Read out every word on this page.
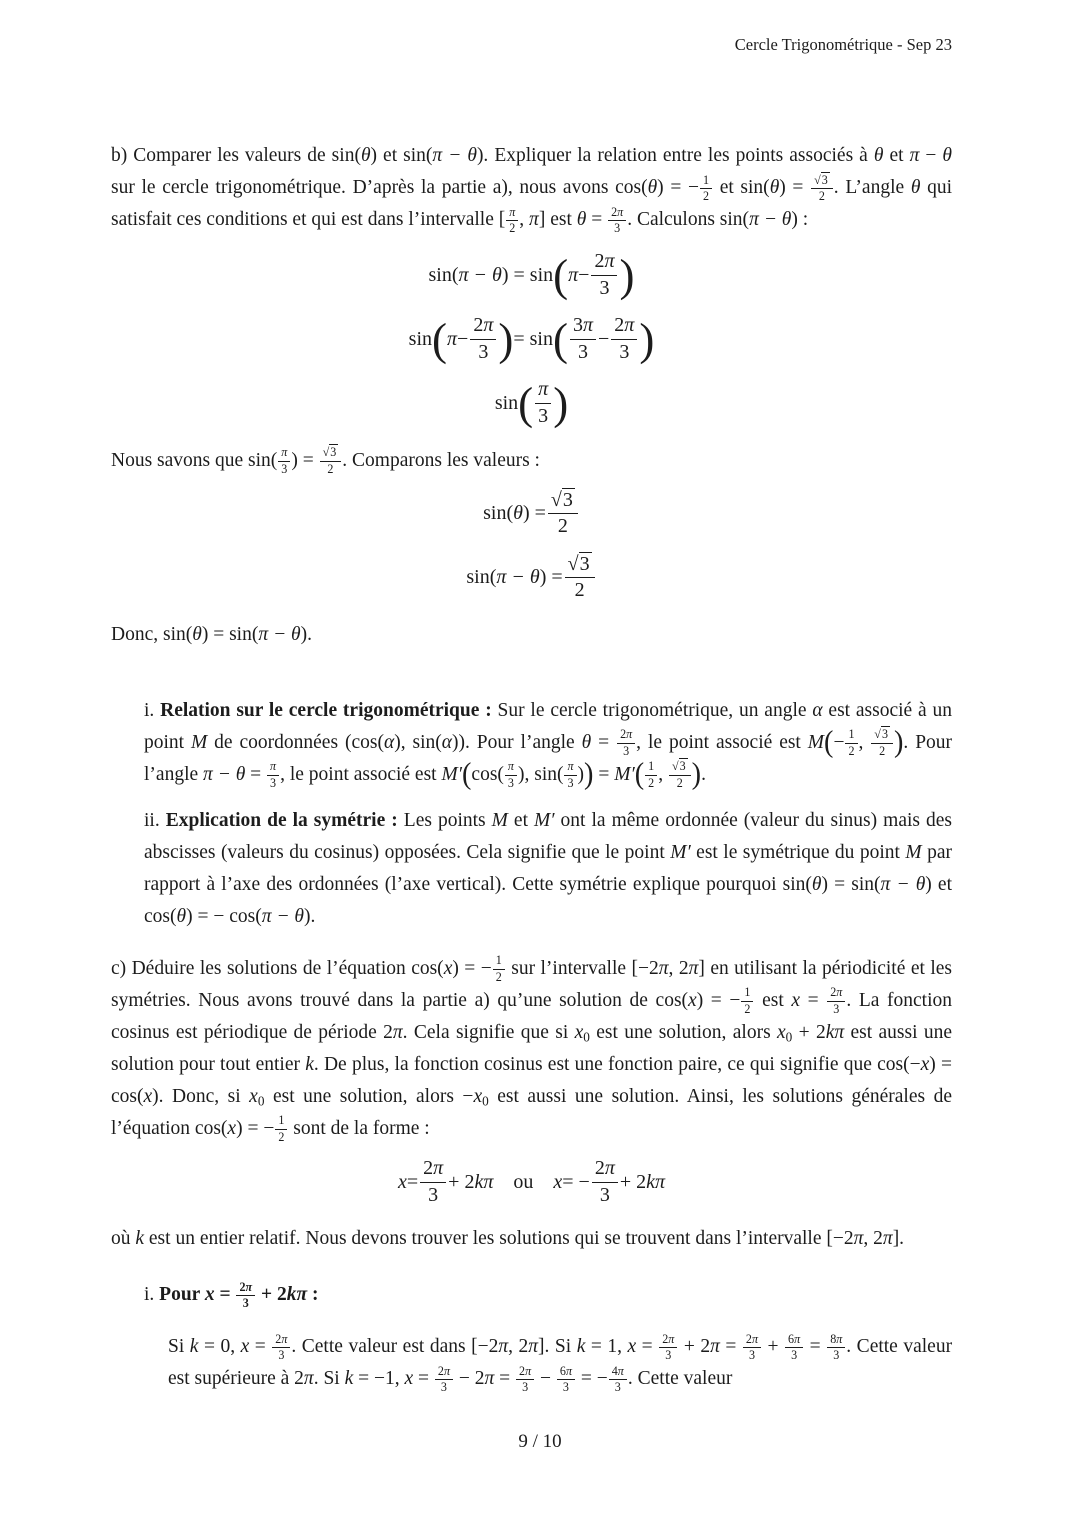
Cercle Trigonométrique - Sep 23

b) Comparer les valeurs de sin(θ) et sin(π − θ). Expliquer la relation entre les points associés à θ et π − θ sur le cercle trigonométrique. D’après la partie a), nous avons cos(θ) = − $\frac{1}{2}$ et $\sin(\theta) = \frac{√3}{2}$ . L’angle θ qui satisfait ces conditions et qui est dans l’intervalle [ $\frac{\pi}{2}$ , π] est $\theta = \frac{2\pi}{3}$ . Calculons sin(π − θ) :

sin( π − θ ) = sin ( $\pi - \frac{2\pi}{3}$ )
sin ( $\pi - \frac{2\pi}{3}$ ) = sin ( $\frac{3\pi}{3} - \frac{2\pi}{3}$ )
sin ( $\frac{\pi}{3}$ )

Nous savons que $\sin( \frac{\pi}{3}$ ) = $\frac{√3}{2}$ . Comparons les valeurs :

sin( θ ) = $\frac{√3}{2}$
sin( π − θ ) = $\frac{√3}{2}$

Donc, sin(θ) = sin(π − θ).

i. Relation sur le cercle trigonométrique : Sur le cercle trigonométrique, un angle α est associé à un point M de coordonnées (cos(α), sin(α)). Pour l’angle $\theta = \frac{2\pi}{3}$ , le point associé est $M(- \frac{1}{2}$ , $\frac{√3}{2}$ ). Pour l’angle $\pi - \theta = \frac{\pi}{3}$ , le point associé est $M'(\cos( \frac{\pi}{3}$ ), $\sin( \frac{\pi}{3}$ )) = $M'( \frac{1}{2}$ , $\frac{√3}{2}$ ).
ii. Explication de la symétrie : Les points M et M′ ont la même ordonnée (valeur du sinus) mais des abscisses (valeurs du cosinus) opposées. Cela signifie que le point M′ est le symétrique du point M par rapport à l’axe des ordonnées (l’axe vertical). Cette symétrie explique pourquoi sin(θ) = sin(π − θ) et cos(θ) = − cos(π − θ).

c) Déduire les solutions de l’équation cos(x) = − $\frac{1}{2}$ sur l’intervalle [−2π, 2π] en utilisant la périodicité et les symétries. Nous avons trouvé dans la partie a) qu’une solution de cos(x) = − $\frac{1}{2}$ est $x = \frac{2\pi}{3}$ . La fonction cosinus est périodique de période 2π. Cela signifie que si $x_0$ est une solution, alors $x_0 + 2k\pi$ est aussi une solution pour tout entier k. De plus, la fonction cosinus est une fonction paire, ce qui signifie que cos(−x) = cos(x). Donc, si $x_0$ est une solution, alors $-x_0$ est aussi une solution. Ainsi, les solutions générales de l’équation cos(x) = − $\frac{1}{2}$ sont de la forme :

$x = \frac{2\pi}{3} + 2$ kπ  ou  x = − $\frac{2\pi}{3} + 2$ kπ

où k est un entier relatif. Nous devons trouver les solutions qui se trouvent dans l’intervalle [−2π, 2π].

i. Pour $x = \frac{2\pi}{3} + 2k\pi$ :
Si k = 0, $x = \frac{2\pi}{3}$ . Cette valeur est dans [−2π, 2π]. Si k = 1, $x = \frac{2\pi}{3} + 2\pi = \frac{2\pi}{3} + \frac{6\pi}{3} = \frac{8\pi}{3}$ . Cette valeur est supérieure à 2π. Si k = −1, $x = \frac{2\pi}{3} - 2\pi = \frac{2\pi}{3} - \frac{6\pi}{3}$ = − $\frac{4\pi}{3}$ . Cette valeur
9 / 10
